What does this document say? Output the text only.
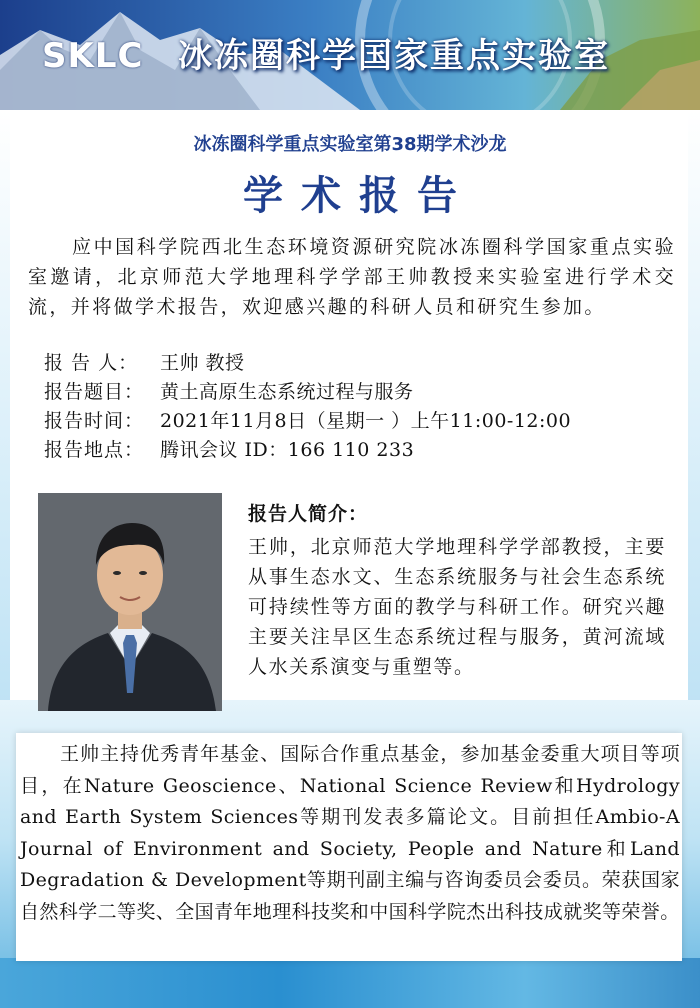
SKLC 冰冻圈科学国家重点实验室
冰冻圈科学重点实验室第38期学术沙龙
学术报告
应中国科学院西北生态环境资源研究院冰冻圈科学国家重点实验室邀请，北京师范大学地理科学学部王帅教授来实验室进行学术交流，并将做学术报告，欢迎感兴趣的科研人员和研究生参加。
报 告 人：	王帅 教授
报告题目： 黄土高原生态系统过程与服务
报告时间： 2021年11月8日（星期一 ）上午11:00-12:00
报告地点： 腾讯会议 ID：166 110 233
报告人简介：
王帅，北京师范大学地理科学学部教授，主要从事生态水文、生态系统服务与社会生态系统可持续性等方面的教学与科研工作。研究兴趣主要关注旱区生态系统过程与服务，黄河流域人水关系演变与重塑等。
王帅主持优秀青年基金、国际合作重点基金，参加基金委重大项目等项目，在Nature Geoscience、National Science Review和Hydrology and Earth System Sciences等期刊发表多篇论文。目前担任Ambio-A Journal of Environment and Society, People and Nature和Land Degradation & Development等期刊副主编与咨询委员会委员。荣获国家自然科学二等奖、全国青年地理科技奖和中国科学院杰出科技成就奖等荣誉。
